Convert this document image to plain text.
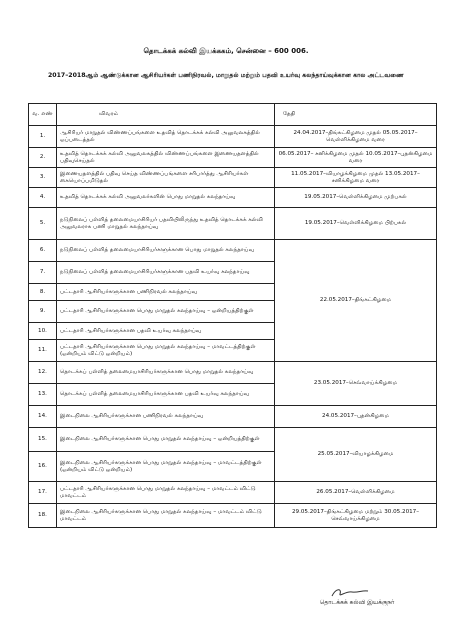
தொடக்கக் கல்வி இயக்ககம், சென்னை – 600 006.
2017–2018ஆம் ஆண்டுக்கான ஆசிரியர்கள் பணிநிரவல், மாறுதல் மற்றும் பதவி உயர்வு கலந்தாய்வுக்கான கால அட்டவணை
வ. எண்	விவரம்	தேதி
1.	ஆசிரியர் மாறுதல் விண்ணப்பங்களை உதவித் தொடக்கக் கல்வி அலுவலகத்தில் ஒப்படைத்தல்	24.04.2017–திங்கட்கிழமை முதல் 05.05.2017– வெள்ளிக்கிழமை வரை
2.	உதவித் தொடக்கக் கல்வி அலுவலகத்தில் விண்ணப்பங்களை இணையதளத்தில் பதிவுசெய்தல்	06.05.2017– சனிக்கிழமை முதல் 10.05.2017–புதன்கிழமை வரை
3.	இணையதளத்தில் பதிவு செய்த விண்ணப்பங்களை சரிபார்த்து ஆசிரியர்கள் கையொப்பமிடுதல்	11.05.2017–வியாழக்கிழமை முதல் 13.05.2017–சனிக்கிழமை வரை
4.	உதவித் தொடக்கக் கல்வி அலுவலர்களின் பொது மாறுதல் கலந்தாய்வு	19.05.2017–வெள்ளிக்கிழமை முற்பகல்
5.	நடுநிலைப் பள்ளித் தலைமையாசிரியர் பதவியிலிருந்து உதவித் தொடக்கக் கல்வி அலுவலராக பணி மாறுதல் கலந்தாய்வு	19.05.2017–வெள்ளிக்கிழமை பிற்பகல்
6.	நடுநிலைப் பள்ளித் தலைமையாசிரியர்களுக்கான பொது மாறுதல் கலந்தாய்வு	22.05.2017–திங்கட்கிழமை
7.	நடுநிலைப் பள்ளித் தலைமையாசிரியர்களுக்கான பதவி உயர்வு கலந்தாய்வு	
8.	பட்டதாரி ஆசிரியர்களுக்கான பணிநிரவல் கலந்தாய்வு	
9.	பட்டதாரி ஆசிரியர்களுக்கான பொது மாறுதல் கலந்தாய்வு – ஒன்றியத்திற்குள்	
10.	பட்டதாரி ஆசிரியர்களுக்கான பதவி உயர்வு கலந்தாய்வு	
11.	பட்டதாரி ஆசிரியர்களுக்கான பொது மாறுதல் கலந்தாய்வு – மாவட்டத்திற்குள் (ஒன்றியம் விட்டு ஒன்றியம்)	
12.	தொடக்கப் பள்ளித் தலைமையாசிரியர்களுக்கான பொது மாறுதல் கலந்தாய்வு	23.05.2017–செவ்வாய்க்கிழமை
13.	தொடக்கப் பள்ளித் தலைமையாசிரியர்களுக்கான பதவி உயர்வு கலந்தாய்வு	
14.	இடைநிலை ஆசிரியர்களுக்கான பணிநிரவல் கலந்தாய்வு	24.05.2017–புதன்கிழமை
15.	இடைநிலை ஆசிரியர்களுக்கான பொது மாறுதல் கலந்தாய்வு – ஒன்றியத்திற்குள்	25.05.2017–வியாழக்கிழமை
16.	இடைநிலை ஆசிரியர்களுக்கான பொது மாறுதல் கலந்தாய்வு – மாவட்டத்திற்குள் (ஒன்றியம் விட்டு ஒன்றியம்)	
17.	பட்டதாரி ஆசிரியர்களுக்கான பொது மாறுதல் கலந்தாய்வு – மாவட்டம் விட்டு மாவட்டம்	26.05.2017–வெள்ளிக்கிழமை
18.	இடைநிலை ஆசிரியர்களுக்கான பொது மாறுதல் கலந்தாய்வு – மாவட்டம் விட்டு மாவட்டம்	29.05.2017–திங்கட்கிழமை மற்றும் 30.05.2017–செவ்வாய்க்கிழமை
தொடக்கக் கல்வி இயக்குநர்
